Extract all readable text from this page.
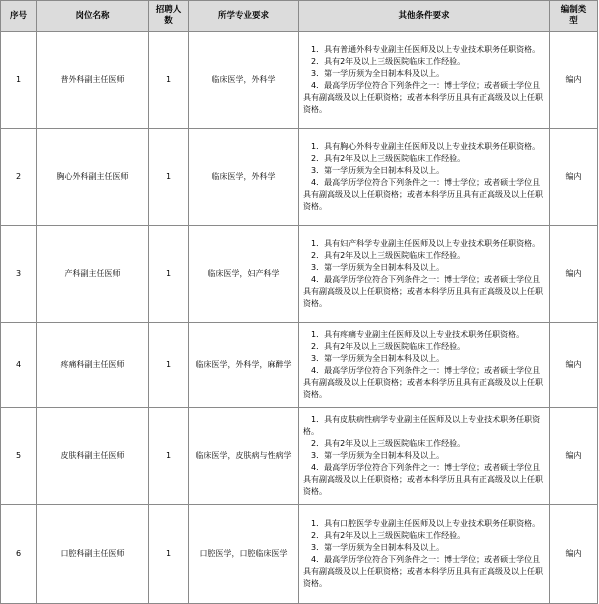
序号	岗位名称	招聘人数	所学专业要求	其他条件要求	编制类型
1	普外科副主任医师	1	临床医学，外科学	1．具有普通外科专业副主任医师及以上专业技术职务任职资格。
2．具有2年及以上三级医院临床工作经验。
3．第一学历须为全日制本科及以上。
4．最高学历学位符合下列条件之一：博士学位；或者硕士学位且具有副高级及以上任职资格；或者本科学历且具有正高级及以上任职资格。	编内
2	胸心外科副主任医师	1	临床医学，外科学	1．具有胸心外科专业副主任医师及以上专业技术职务任职资格。
2．具有2年及以上三级医院临床工作经验。
3．第一学历须为全日制本科及以上。
4．最高学历学位符合下列条件之一：博士学位；或者硕士学位且具有副高级及以上任职资格；或者本科学历且具有正高级及以上任职资格。	编内
3	产科副主任医师	1	临床医学，妇产科学	1．具有妇产科学专业副主任医师及以上专业技术职务任职资格。
2．具有2年及以上三级医院临床工作经验。
3．第一学历须为全日制本科及以上。
4．最高学历学位符合下列条件之一：博士学位；或者硕士学位且具有副高级及以上任职资格；或者本科学历且具有正高级及以上任职资格。	编内
4	疼痛科副主任医师	1	临床医学，外科学，麻醉学	1．具有疼痛专业副主任医师及以上专业技术职务任职资格。
2．具有2年及以上三级医院临床工作经验。
3．第一学历须为全日制本科及以上。
4．最高学历学位符合下列条件之一：博士学位；或者硕士学位且具有副高级及以上任职资格；或者本科学历且具有正高级及以上任职资格。	编内
5	皮肤科副主任医师	1	临床医学，皮肤病与性病学	1．具有皮肤病性病学专业副主任医师及以上专业技术职务任职资格。
2．具有2年及以上三级医院临床工作经验。
3．第一学历须为全日制本科及以上。
4．最高学历学位符合下列条件之一：博士学位；或者硕士学位且具有副高级及以上任职资格；或者本科学历且具有正高级及以上任职资格。	编内
6	口腔科副主任医师	1	口腔医学，口腔临床医学	1．具有口腔医学专业副主任医师及以上专业技术职务任职资格。
2．具有2年及以上三级医院临床工作经验。
3．第一学历须为全日制本科及以上。
4．最高学历学位符合下列条件之一：博士学位；或者硕士学位且具有副高级及以上任职资格；或者本科学历且具有正高级及以上任职资格。	编内
